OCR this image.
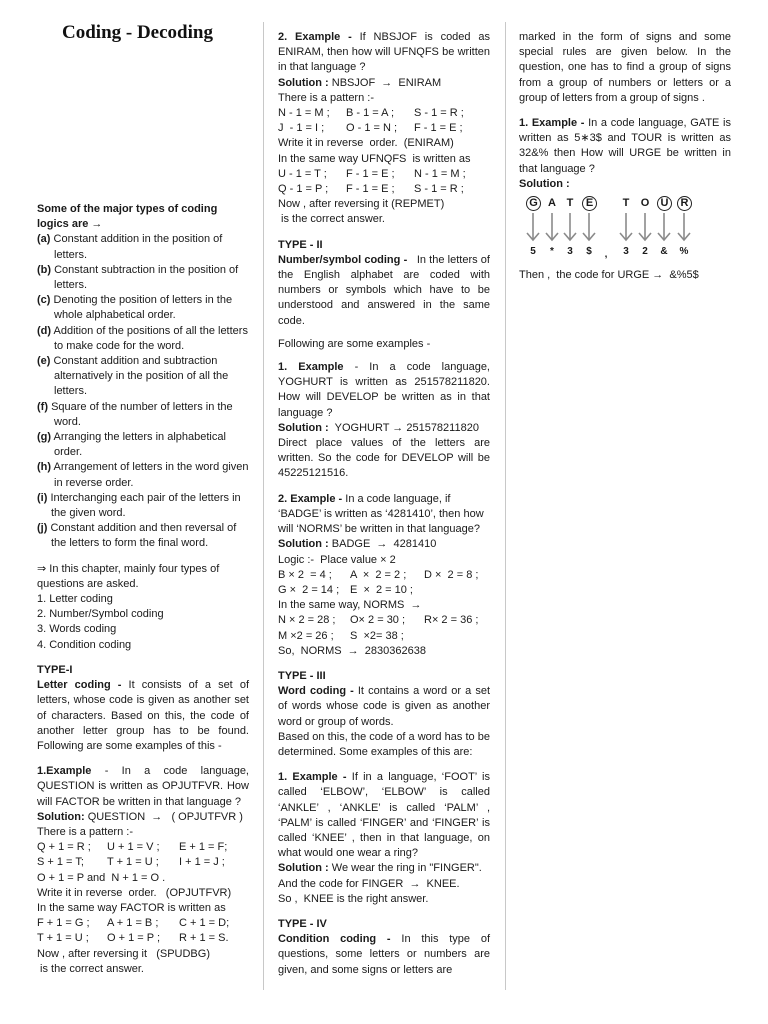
Coding - Decoding

Some of the major types of coding logics are →

(a) Constant addition in the position of letters.

(b) Constant subtraction in the position of letters.

(c) Denoting the position of letters in the whole alphabetical order.

(d) Addition of the positions of all the letters to make code for the word.

(e) Constant addition and subtraction alternatively in the position of all the letters.

(f) Square of the number of letters in the word.

(g) Arranging the letters in alphabetical order.

(h) Arrangement of letters in the word given in reverse order.

(i) Interchanging each pair of the letters in the given word.

(j) Constant addition and then reversal of the letters to form the final word.

⇒ In this chapter, mainly four types of questions are asked.

1. Letter coding

2. Number/Symbol coding

3. Words coding

4. Condition coding

TYPE-I

Letter coding - It consists of a set of letters, whose code is given as another set of characters. Based on this, the code of another letter group has to be found. Following are some examples of this -

1.Example - In a code language, QUESTION is written as OPJUTFVR. How will FACTOR be written in that language ?

Solution: QUESTION  →   ( OPJUTFVR )

There is a pattern :-

Q + 1 = R ;	U + 1 = V ;	E + 1 = F;
S + 1 = T;	T + 1 = U ;	I + 1 = J ;

O + 1 = P and  N + 1 = O .

Write it in reverse  order.   (OPJUTFVR)

In the same way FACTOR is written as

F + 1 = G ;	A + 1 = B ;	C + 1 = D;
T + 1 = U ;	O + 1 = P ;	R + 1 = S.

Now , after reversing it   (SPUDBG)

is the correct answer.

2. Example - If NBSJOF is coded as ENIRAM, then how will UFNQFS be written in that language ?

Solution : NBSJOF  →  ENIRAM

There is a pattern :-

N - 1 = M ;	B - 1 = A ;	S - 1 = R ;
J  - 1 = I ;	O - 1 = N ;	F - 1 = E ;

Write it in reverse  order.  (ENIRAM)

In the same way UFNQFS  is written as

U - 1 = T ;	F - 1 = E ;	N - 1 = M ;
Q - 1 = P ;	F - 1 = E ;	S - 1 = R ;

Now , after reversing it (REPMET)

is the correct answer.

TYPE - II

Number/symbol coding -   In the letters of the English alphabet are coded with numbers or symbols which have to be understood and answered in the same code.

Following are some examples -

1. Example - In a code language, YOGHURT is written as 251578211820. How will DEVELOP be written as in that language ?

Solution :  YOGHURT → 251578211820

Direct place values of the letters are written. So the code for DEVELOP will be 45225121516.

2. Example - In a code language, if ‘BADGE’ is written as ‘4281410’, then how will ‘NORMS’ be written in that language?

Solution : BADGE  →  4281410

Logic :-  Place value × 2

B × 2  = 4 ;	A  ×  2 = 2 ;	D ×  2 = 8 ;
G ×  2 = 14 ; E  ×  2 = 10 ;

In the same way, NORMS  →

N × 2 = 28 ;	O× 2 = 30 ;	R× 2 = 36 ;
M ×2 = 26 ;	S  ×2= 38 ;

So,  NORMS  →  2830362638

TYPE - III

Word coding - It contains a word or a set of words whose code is given as another word or group of words.

Based on this, the code of a word has to be determined. Some examples of this are:

1. Example - If in a language, ‘FOOT’ is called ‘ELBOW’, ‘ELBOW’ is called ‘ANKLE’ , ‘ANKLE’ is called ‘PALM’ , ‘PALM’ is called ‘FINGER’ and ‘FINGER’ is called ‘KNEE’ , then in that language, on what would one wear a ring?

Solution : We wear the ring in "FINGER".

And the code for FINGER  →  KNEE.

So ,  KNEE is the right answer.

TYPE - IV

Condition coding - In this type of questions, some letters or numbers are given, and some signs or letters are

marked in the form of signs and some special rules are given below. In the question, one has to find a group of signs from a group of numbers or letters or a group of letters from a group of signs .

1. Example - In a code language, GATE is written as 5∗3$ and TOUR is written as 32&% then How will URGE be written in that language ?

Solution :

G
5
A
*
T
3
E
$
T
3
O
2
U
&
R
%
,

Then ,  the code for URGE →  &%5$
